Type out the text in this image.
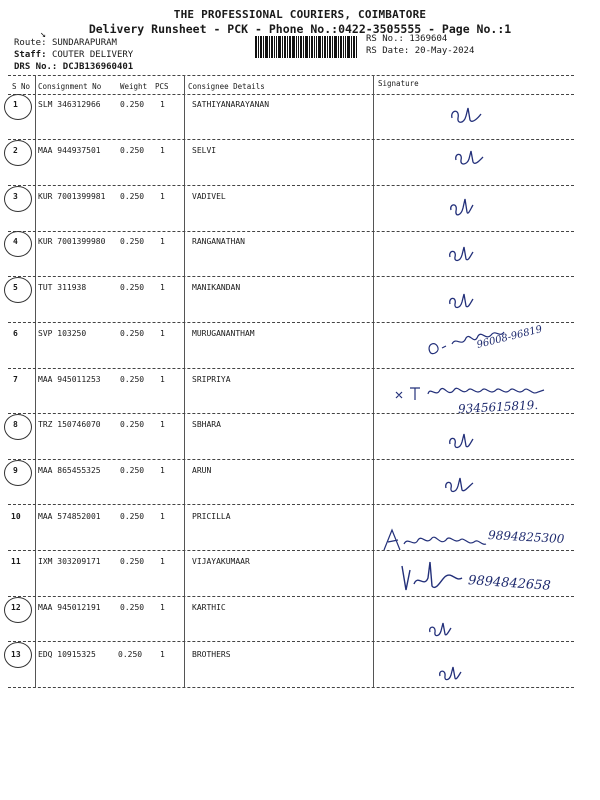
THE PROFESSIONAL COURIERS, COIMBATORE
Delivery Runsheet - PCK - Phone No.:0422-3505555 - Page No.:1
Route: SUNDARAPURAM
Staff: COUTER DELIVERY
DRS No.: DCJB136960401
↘	RS No.: 1369604
RS Date: 20-May-2024
S No Consignment No	Weight PCS	Consignee Details	Signature
1	SLM 346312966 0.250 1	SATHIYANARAYANAN
2	MAA 944937501 0.250 1	SELVI
3	KUR 7001399981 0.250 1	VADIVEL
4	KUR 7001399980 0.250 1	RANGANATHAN
5	TUT 311938	0.250 1	MANIKANDAN
6	SVP 103250	0.250 1	MURUGANANTHAM
7	MAA 945011253 0.250 1	SRIPRIYA
8	TRZ 150746070 0.250 1	SBHARA
9	MAA 865455325 0.250 1	ARUN
10 MAA 574852001 0.250 1	PRICILLA
11 IXM 303209171 0.250 1	VIJAYAKUMAAR
12 MAA 945012191 0.250 1	KARTHIC
13 EDQ 10915325	0.250 1	BROTHERS
96008-96819
9345615819.
9894825300
9894842658
